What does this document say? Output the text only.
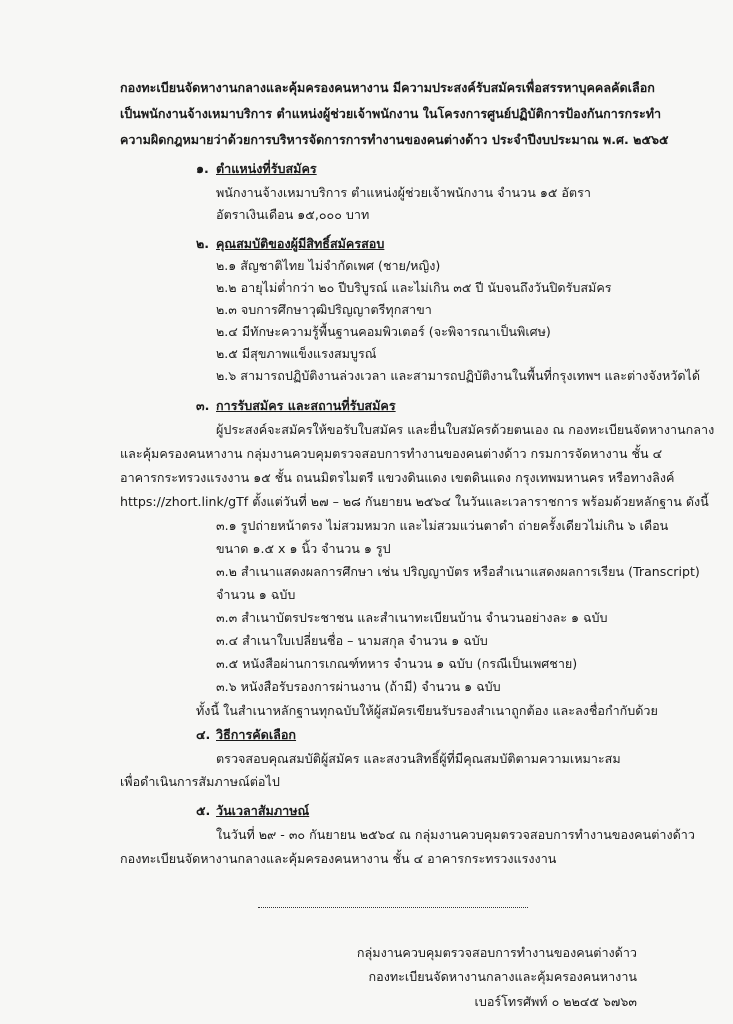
กองทะเบียนจัดหางานกลางและคุ้มครองคนหางาน มีความประสงค์รับสมัครเพื่อสรรหาบุคคลคัดเลือก
เป็นพนักงานจ้างเหมาบริการ ตำแหน่งผู้ช่วยเจ้าพนักงาน ในโครงการศูนย์ปฏิบัติการป้องกันการกระทำ
ความผิดกฎหมายว่าด้วยการบริหารจัดการการทำงานของคนต่างด้าว ประจำปีงบประมาณ พ.ศ. ๒๕๖๕
๑. ตำแหน่งที่รับสมัคร
พนักงานจ้างเหมาบริการ ตำแหน่งผู้ช่วยเจ้าพนักงาน จำนวน ๑๕ อัตรา
อัตราเงินเดือน ๑๕,๐๐๐ บาท
๒. คุณสมบัติของผู้มีสิทธิ์สมัครสอบ
๒.๑ สัญชาติไทย ไม่จำกัดเพศ (ชาย/หญิง)
๒.๒ อายุไม่ต่ำกว่า ๒๐ ปีบริบูรณ์ และไม่เกิน ๓๕ ปี นับจนถึงวันปิดรับสมัคร
๒.๓ จบการศึกษาวุฒิปริญญาตรีทุกสาขา
๒.๔ มีทักษะความรู้พื้นฐานคอมพิวเตอร์ (จะพิจารณาเป็นพิเศษ)
๒.๕ มีสุขภาพแข็งแรงสมบูรณ์
๒.๖ สามารถปฏิบัติงานล่วงเวลา และสามารถปฏิบัติงานในพื้นที่กรุงเทพฯ และต่างจังหวัดได้
๓. การรับสมัคร และสถานที่รับสมัคร
ผู้ประสงค์จะสมัครให้ขอรับใบสมัคร และยื่นใบสมัครด้วยตนเอง ณ กองทะเบียนจัดหางานกลาง
และคุ้มครองคนหางาน กลุ่มงานควบคุมตรวจสอบการทำงานของคนต่างด้าว กรมการจัดหางาน ชั้น ๔
อาคารกระทรวงแรงงาน ๑๕ ชั้น ถนนมิตรไมตรี แขวงดินแดง เขตดินแดง กรุงเทพมหานคร หรือทางลิงค์
https://zhort.link/gTf ตั้งแต่วันที่ ๒๗ – ๒๘ กันยายน ๒๕๖๔ ในวันและเวลาราชการ พร้อมด้วยหลักฐาน ดังนี้
๓.๑ รูปถ่ายหน้าตรง ไม่สวมหมวก และไม่สวมแว่นตาดำ ถ่ายครั้งเดียวไม่เกิน ๖ เดือน
ขนาด ๑.๕ x ๑ นิ้ว จำนวน ๑ รูป
๓.๒ สำเนาแสดงผลการศึกษา เช่น ปริญญาบัตร หรือสำเนาแสดงผลการเรียน (Transcript)
จำนวน ๑ ฉบับ
๓.๓ สำเนาบัตรประชาชน และสำเนาทะเบียนบ้าน จำนวนอย่างละ ๑ ฉบับ
๓.๔ สำเนาใบเปลี่ยนชื่อ – นามสกุล จำนวน ๑ ฉบับ
๓.๕ หนังสือผ่านการเกณฑ์ทหาร จำนวน ๑ ฉบับ (กรณีเป็นเพศชาย)
๓.๖ หนังสือรับรองการผ่านงาน (ถ้ามี) จำนวน ๑ ฉบับ
ทั้งนี้ ในสำเนาหลักฐานทุกฉบับให้ผู้สมัครเขียนรับรองสำเนาถูกต้อง และลงชื่อกำกับด้วย
๔. วิธีการคัดเลือก
ตรวจสอบคุณสมบัติผู้สมัคร และสงวนสิทธิ์ผู้ที่มีคุณสมบัติตามความเหมาะสม
เพื่อดำเนินการสัมภาษณ์ต่อไป
๕. วันเวลาสัมภาษณ์
ในวันที่ ๒๙ - ๓๐ กันยายน ๒๕๖๔ ณ กลุ่มงานควบคุมตรวจสอบการทำงานของคนต่างด้าว
กองทะเบียนจัดหางานกลางและคุ้มครองคนหางาน ชั้น ๔ อาคารกระทรวงแรงงาน
กลุ่มงานควบคุมตรวจสอบการทำงานของคนต่างด้าว
กองทะเบียนจัดหางานกลางและคุ้มครองคนหางาน
เบอร์โทรศัพท์ ๐ ๒๒๔๕ ๖๗๖๓
